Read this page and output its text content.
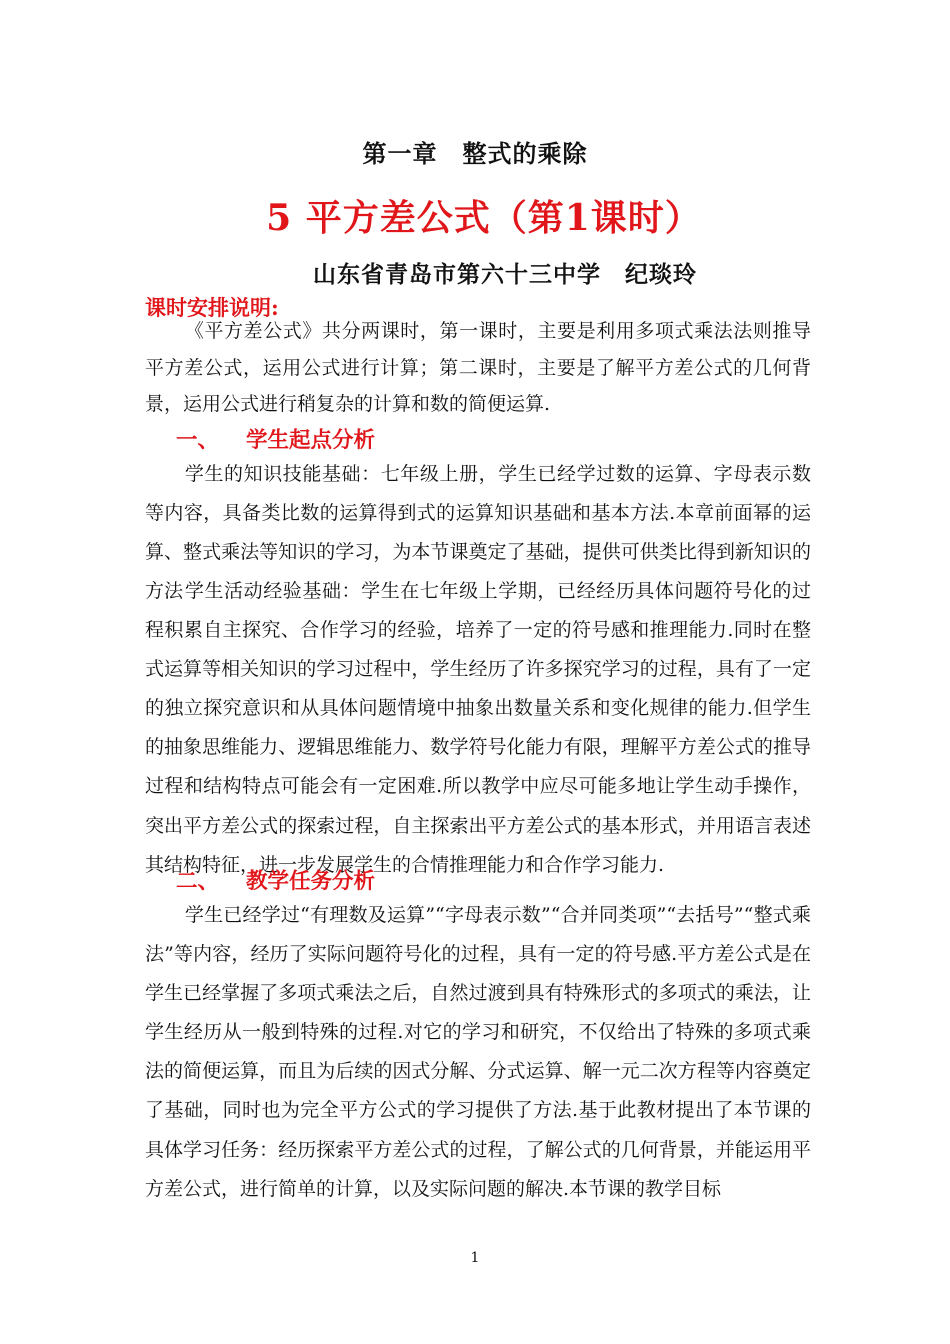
第一章　整式的乘除
5 平方差公式（第1课时）
山东省青岛市第六十三中学　纪琰玲
课时安排说明:
《平方差公式》共分两课时，第一课时，主要是利用多项式乘法法则推导平方差公式，运用公式进行计算；第二课时，主要是了解平方差公式的几何背景，运用公式进行稍复杂的计算和数的简便运算.
一、 学生起点分析
学生的知识技能基础：七年级上册，学生已经学过数的运算、字母表示数等内容，具备类比数的运算得到式的运算知识基础和基本方法.本章前面幂的运算、整式乘法等知识的学习，为本节课奠定了基础，提供可供类比得到新知识的方法 学生活动经验基础：学生在七年级上学期，已经经历具体问题符号化的过程积累自主探究、合作学习的经验，培养了一定的符号感和推理能力.同时在整式运算等相关知识的学习过程中，学生经历了许多探究学习的过程，具有了一定的独立探究意识和从具体问题情境中抽象出数量关系和变化规律的能力.但学生的抽象思维能力、逻辑思维能力、数学符号化能力有限，理解平方差公式的推导过程和结构特点可能会有一定困难.所以教学中应尽可能多地让学生动手操作，突出平方差公式的探索过程，自主探索出平方差公式的基本形式，并用语言表述其结构特征，进一步发展学生的合情推理能力和合作学习能力.
二、 教学任务分析
学生已经学过“有理数及运算”“字母表示数”“合并同类项”“去括号”“整式乘法”等内容，经历了实际问题符号化的过程，具有一定的符号感.平方差公式是在学生已经掌握了多项式乘法之后，自然过渡到具有特殊形式的多项式的乘法，让学生经历从一般到特殊的过程.对它的学习和研究，不仅给出了特殊的多项式乘法的简便运算，而且为后续的因式分解、分式运算、解一元二次方程等内容奠定了基础，同时也为完全平方公式的学习提供了方法.基于此教材提出了本节课的具体学习任务：经历探索平方差公式的过程，了解公式的几何背景，并能运用平方差公式，进行简单的计算，以及实际问题的解决.本节课的教学目标
1
